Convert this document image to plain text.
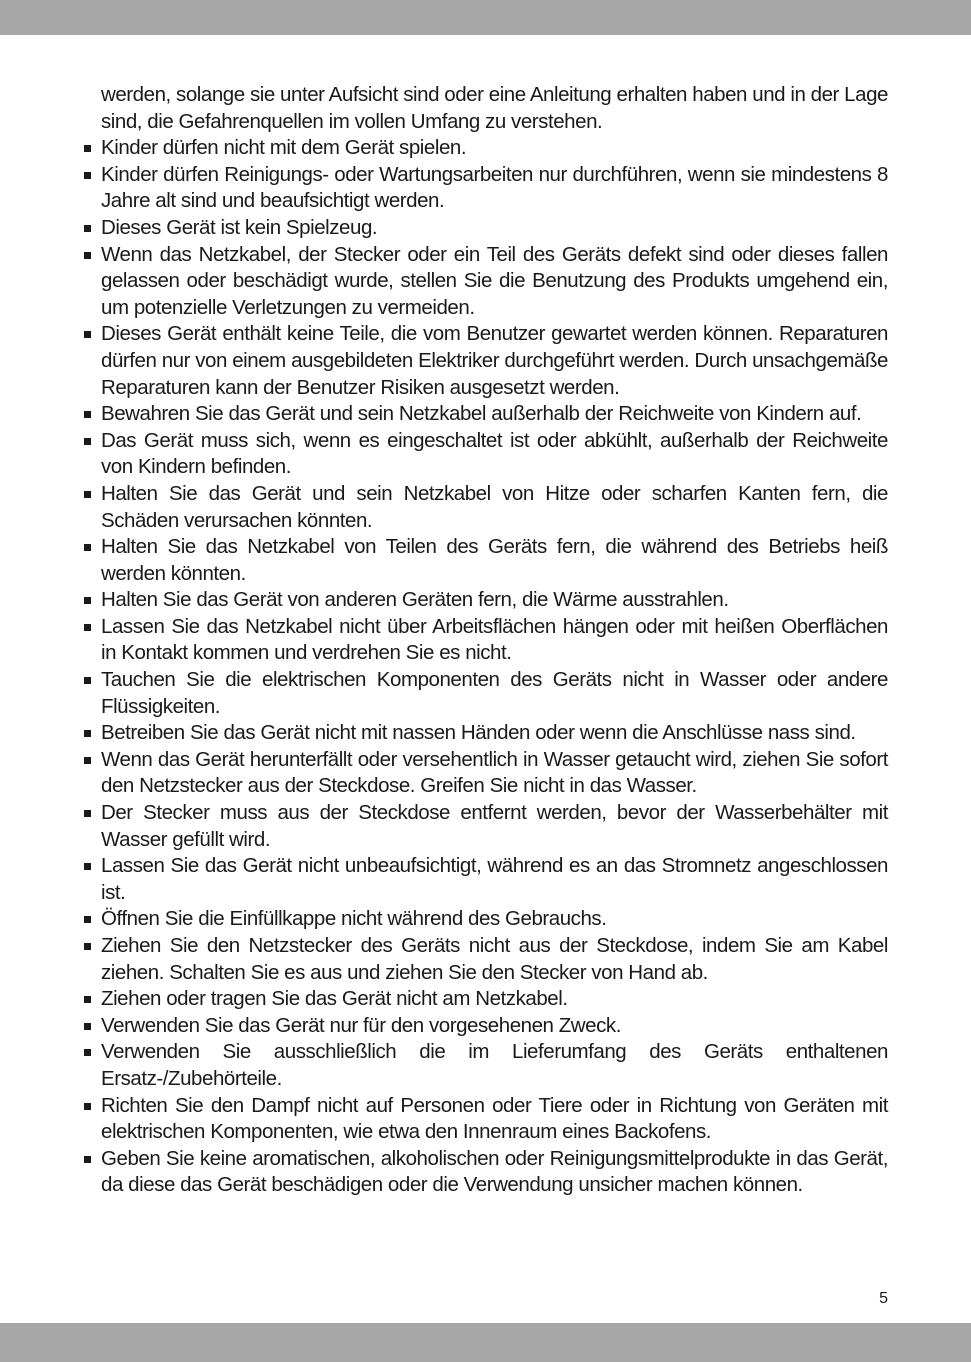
werden, solange sie unter Aufsicht sind oder eine Anleitung erhalten haben und in der Lage sind, die Gefahrenquellen im vollen Umfang zu verstehen.

Kinder dürfen nicht mit dem Gerät spielen.
Kinder dürfen Reinigungs- oder Wartungsarbeiten nur durchführen, wenn sie mindestens 8 Jahre alt sind und beaufsichtigt werden.
Dieses Gerät ist kein Spielzeug.
Wenn das Netzkabel, der Stecker oder ein Teil des Geräts defekt sind oder dieses fallen gelassen oder beschädigt wurde, stellen Sie die Benutzung des Produkts umgehend ein, um potenzielle Verletzungen zu vermeiden.
Dieses Gerät enthält keine Teile, die vom Benutzer gewartet werden können. Reparaturen dürfen nur von einem ausgebildeten Elektriker durchgeführt werden. Durch unsachgemäße Reparaturen kann der Benutzer Risiken ausgesetzt werden.
Bewahren Sie das Gerät und sein Netzkabel außerhalb der Reichweite von Kindern auf.
Das Gerät muss sich, wenn es eingeschaltet ist oder abkühlt, außerhalb der Reichweite von Kindern befinden.
Halten Sie das Gerät und sein Netzkabel von Hitze oder scharfen Kanten fern, die Schäden verursachen könnten.
Halten Sie das Netzkabel von Teilen des Geräts fern, die während des Betriebs heiß werden könnten.
Halten Sie das Gerät von anderen Geräten fern, die Wärme ausstrahlen.
Lassen Sie das Netzkabel nicht über Arbeitsflächen hängen oder mit heißen Oberflächen in Kontakt kommen und verdrehen Sie es nicht.
Tauchen Sie die elektrischen Komponenten des Geräts nicht in Wasser oder andere Flüssigkeiten.
Betreiben Sie das Gerät nicht mit nassen Händen oder wenn die Anschlüsse nass sind.
Wenn das Gerät herunterfällt oder versehentlich in Wasser getaucht wird, ziehen Sie sofort den Netzstecker aus der Steckdose. Greifen Sie nicht in das Wasser.
Der Stecker muss aus der Steckdose entfernt werden, bevor der Wasserbehälter mit Wasser gefüllt wird.
Lassen Sie das Gerät nicht unbeaufsichtigt, während es an das Stromnetz angeschlossen ist.
Öffnen Sie die Einfüllkappe nicht während des Gebrauchs.
Ziehen Sie den Netzstecker des Geräts nicht aus der Steckdose, indem Sie am Kabel ziehen. Schalten Sie es aus und ziehen Sie den Stecker von Hand ab.
Ziehen oder tragen Sie das Gerät nicht am Netzkabel.
Verwenden Sie das Gerät nur für den vorgesehenen Zweck.
Verwenden Sie ausschließlich die im Lieferumfang des Geräts enthaltenen Ersatz-/Zubehörteile.
Richten Sie den Dampf nicht auf Personen oder Tiere oder in Richtung von Geräten mit elektrischen Komponenten, wie etwa den Innenraum eines Backofens.
Geben Sie keine aromatischen, alkoholischen oder Reinigungsmittelprodukte in das Gerät, da diese das Gerät beschädigen oder die Verwendung unsicher machen können.
5
